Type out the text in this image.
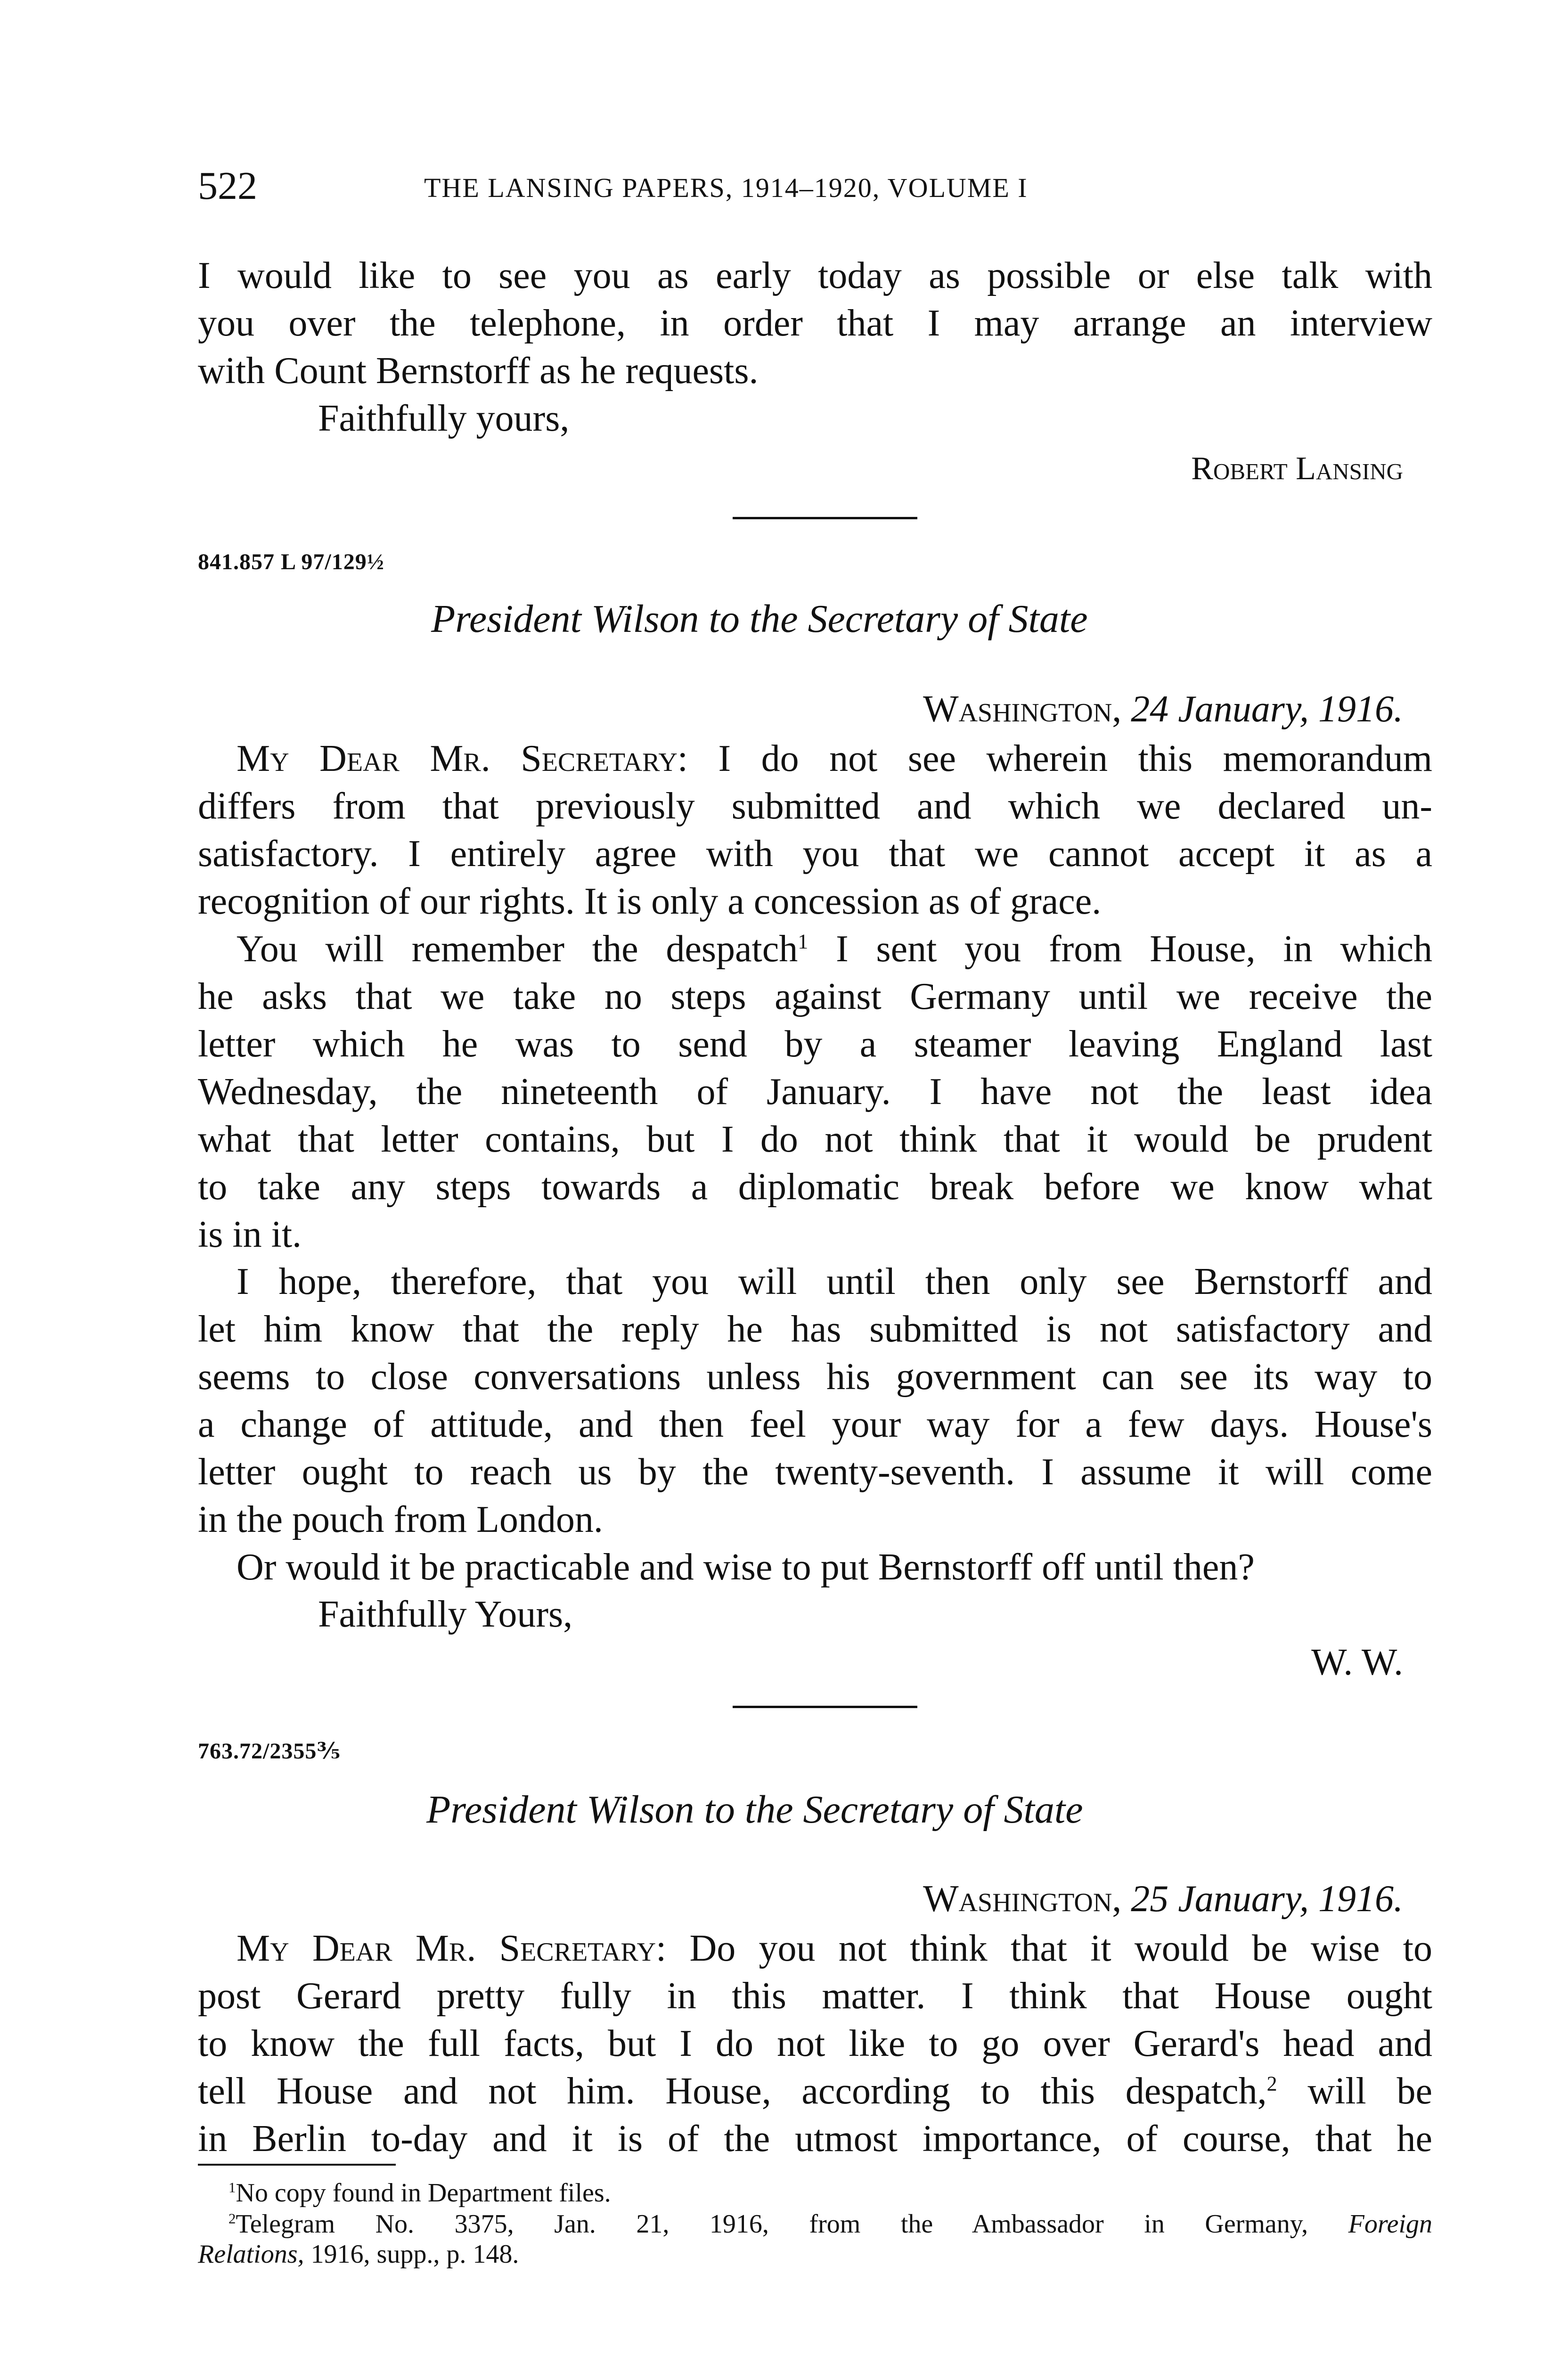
522	THE LANSING PAPERS, 1914–1920, VOLUME I
I would like to see you as early today as possible or else talk with
you over the telephone, in order that I may arrange an interview
with Count Bernstorff as he requests.
Faithfully yours,
Robert Lansing
841.857 L 97/129½
President Wilson to the Secretary of State
Washington, 24 January, 1916.
My Dear Mr. Secretary: I do not see wherein this memorandum
differs from that previously submitted and which we declared un-
satisfactory. I entirely agree with you that we cannot accept it as a
recognition of our rights. It is only a concession as of grace.
You will remember the despatch$^1$ I sent you from House, in which
he asks that we take no steps against Germany until we receive the
letter which he was to send by a steamer leaving England last
Wednesday, the nineteenth of January. I have not the least idea
what that letter contains, but I do not think that it would be prudent
to take any steps towards a diplomatic break before we know what
is in it.
I hope, therefore, that you will until then only see Bernstorff and
let him know that the reply he has submitted is not satisfactory and
seems to close conversations unless his government can see its way to
a change of attitude, and then feel your way for a few days. House's
letter ought to reach us by the twenty-seventh. I assume it will come
in the pouch from London.
Or would it be practicable and wise to put Bernstorff off until then?
Faithfully Yours,
W. W.
763.72/2355⅗
President Wilson to the Secretary of State
Washington, 25 January, 1916.
My Dear Mr. Secretary: Do you not think that it would be wise to
post Gerard pretty fully in this matter. I think that House ought
to know the full facts, but I do not like to go over Gerard's head and
tell House and not him. House, according to this despatch,$^2$ will be
in Berlin to-day and it is of the utmost importance, of course, that he
$^1$No copy found in Department files.
$^2$Telegram No. 3375, Jan. 21, 1916, from the Ambassador in Germany, Foreign
Relations, 1916, supp., p. 148.
